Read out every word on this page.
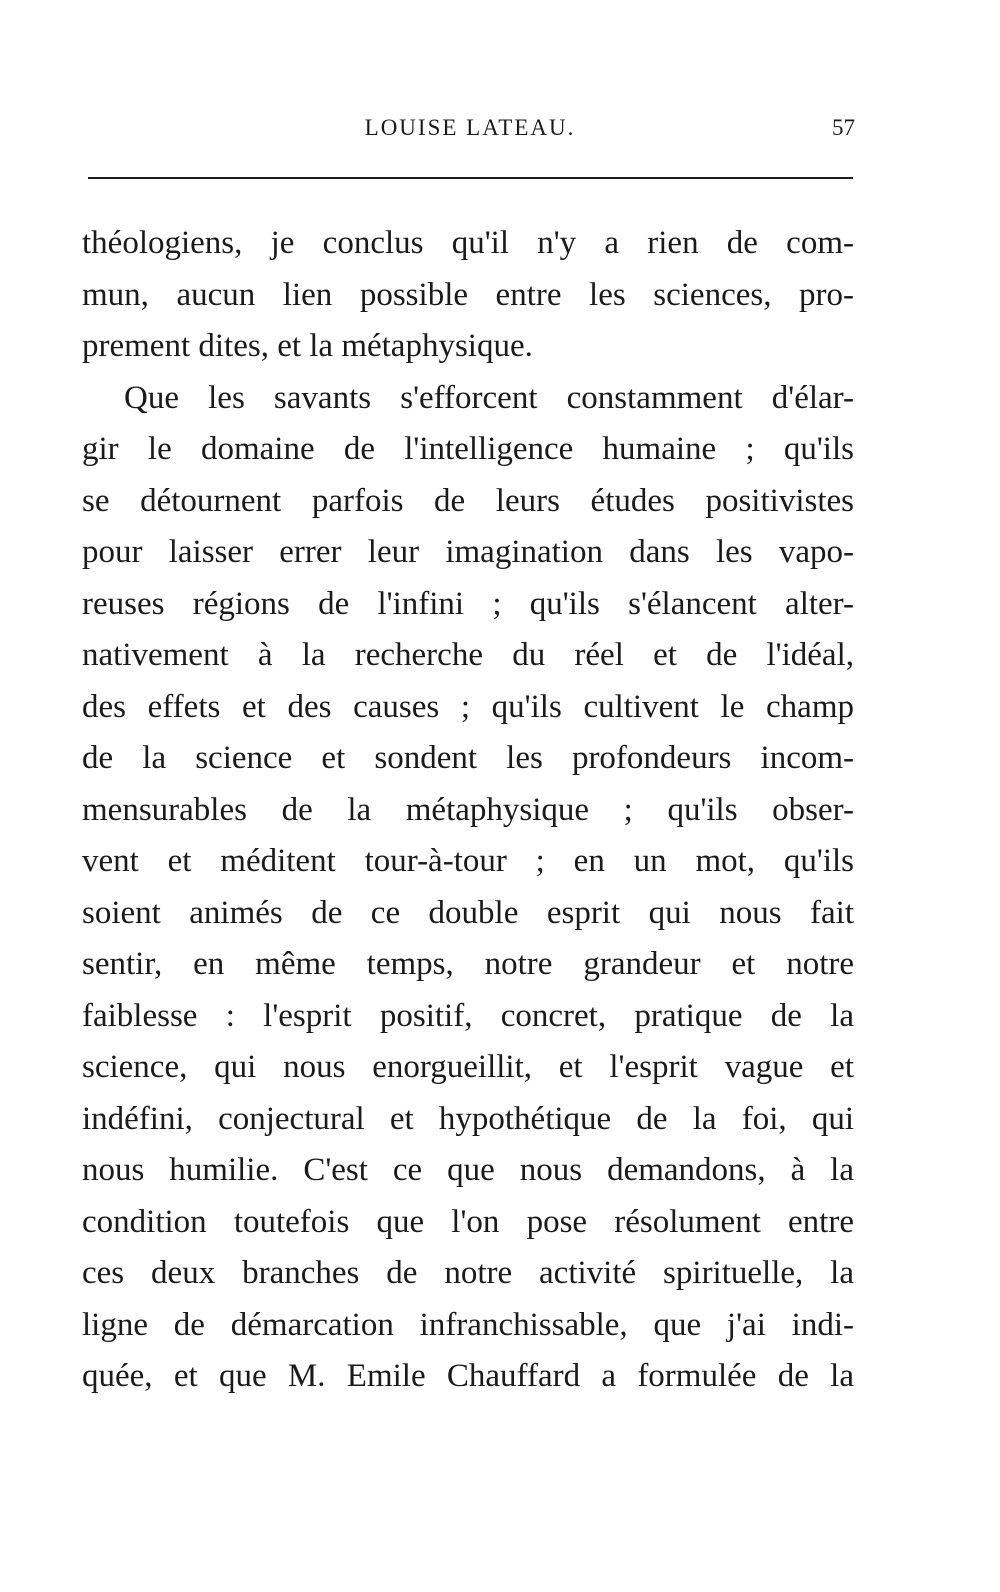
LOUISE LATEAU.	57
théologiens, je conclus qu'il n'y a rien de com-
mun, aucun lien possible entre les sciences, pro-
prement dites, et la métaphysique.
Que les savants s'efforcent constamment d'élar-
gir le domaine de l'intelligence humaine ; qu'ils
se détournent parfois de leurs études positivistes
pour laisser errer leur imagination dans les vapo-
reuses régions de l'infini ; qu'ils s'élancent alter-
nativement à la recherche du réel et de l'idéal,
des effets et des causes ; qu'ils cultivent le champ
de la science et sondent les profondeurs incom-
mensurables de la métaphysique ; qu'ils obser-
vent et méditent tour-à-tour ; en un mot, qu'ils
soient animés de ce double esprit qui nous fait
sentir, en même temps, notre grandeur et notre
faiblesse : l'esprit positif, concret, pratique de la
science, qui nous enorgueillit, et l'esprit vague et
indéfini, conjectural et hypothétique de la foi, qui
nous humilie. C'est ce que nous demandons, à la
condition toutefois que l'on pose résolument entre
ces deux branches de notre activité spirituelle, la
ligne de démarcation infranchissable, que j'ai indi-
quée, et que M. Emile Chauffard a formulée de la
